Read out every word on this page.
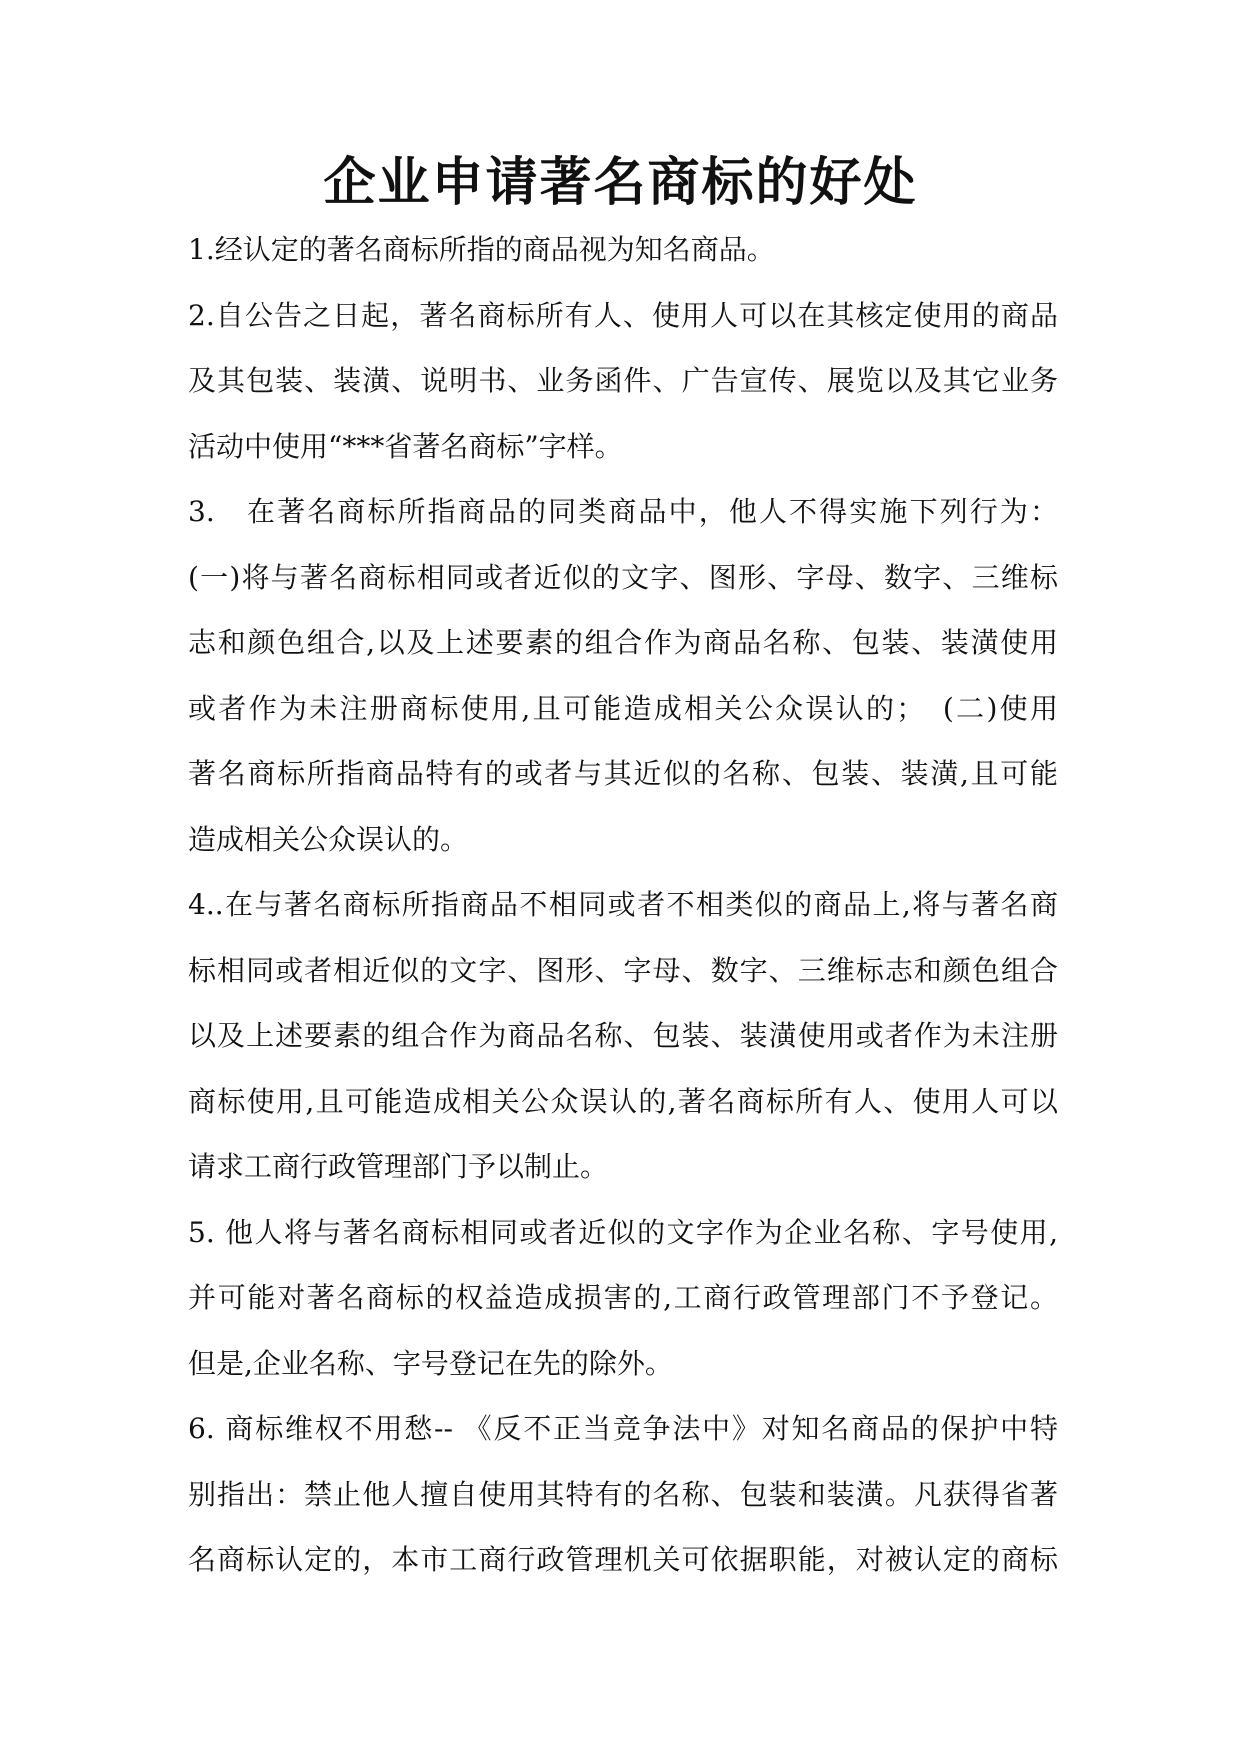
企业申请著名商标的好处
1.经认定的著名商标所指的商品视为知名商品。
2.自公告之日起，著名商标所有人、使用人可以在其核定使用的商品
及其包装、装潢、说明书、业务函件、广告宣传、展览以及其它业务
活动中使用“***省著名商标”字样。
3.　在著名商标所指商品的同类商品中，他人不得实施下列行为：
(一)将与著名商标相同或者近似的文字、图形、字母、数字、三维标
志和颜色组合,以及上述要素的组合作为商品名称、包装、装潢使用
或者作为未注册商标使用,且可能造成相关公众误认的；　(二)使用
著名商标所指商品特有的或者与其近似的名称、包装、装潢,且可能
造成相关公众误认的。
4..在与著名商标所指商品不相同或者不相类似的商品上,将与著名商
标相同或者相近似的文字、图形、字母、数字、三维标志和颜色组合
以及上述要素的组合作为商品名称、包装、装潢使用或者作为未注册
商标使用,且可能造成相关公众误认的,著名商标所有人、使用人可以
请求工商行政管理部门予以制止。
5. 他人将与著名商标相同或者近似的文字作为企业名称、字号使用,
并可能对著名商标的权益造成损害的,工商行政管理部门不予登记。
但是,企业名称、字号登记在先的除外。
6. 商标维权不用愁-- 《反不正当竞争法中》对知名商品的保护中特
别指出：禁止他人擅自使用其特有的名称、包装和装潢。凡获得省著
名商标认定的，本市工商行政管理机关可依据职能，对被认定的商标
